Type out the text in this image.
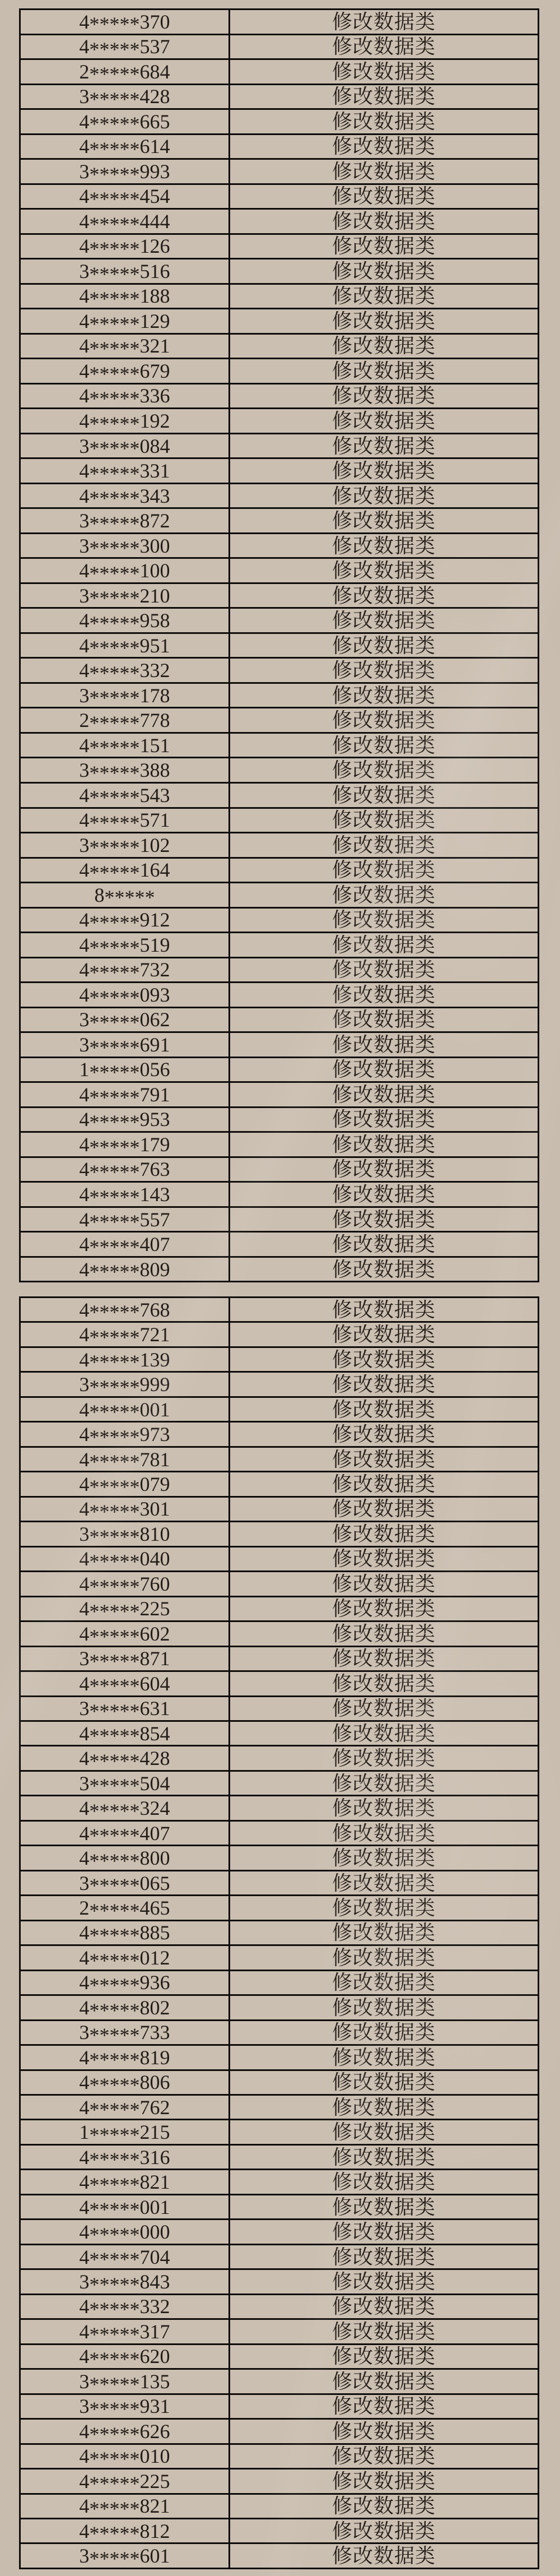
4 ***** 370	修改数据类
4 ***** 537	修改数据类
2 ***** 684	修改数据类
3 ***** 428	修改数据类
4 ***** 665	修改数据类
4 ***** 614	修改数据类
3 ***** 993	修改数据类
4 ***** 454	修改数据类
4 ***** 444	修改数据类
4 ***** 126	修改数据类
3 ***** 516	修改数据类
4 ***** 188	修改数据类
4 ***** 129	修改数据类
4 ***** 321	修改数据类
4 ***** 679	修改数据类
4 ***** 336	修改数据类
4 ***** 192	修改数据类
3 ***** 084	修改数据类
4 ***** 331	修改数据类
4 ***** 343	修改数据类
3 ***** 872	修改数据类
3 ***** 300	修改数据类
4 ***** 100	修改数据类
3 ***** 210	修改数据类
4 ***** 958	修改数据类
4 ***** 951	修改数据类
4 ***** 332	修改数据类
3 ***** 178	修改数据类
2 ***** 778	修改数据类
4 ***** 151	修改数据类
3 ***** 388	修改数据类
4 ***** 543	修改数据类
4 ***** 571	修改数据类
3 ***** 102	修改数据类
4 ***** 164	修改数据类
8 *****	修改数据类
4 ***** 912	修改数据类
4 ***** 519	修改数据类
4 ***** 732	修改数据类
4 ***** 093	修改数据类
3 ***** 062	修改数据类
3 ***** 691	修改数据类
1 ***** 056	修改数据类
4 ***** 791	修改数据类
4 ***** 953	修改数据类
4 ***** 179	修改数据类
4 ***** 763	修改数据类
4 ***** 143	修改数据类
4 ***** 557	修改数据类
4 ***** 407	修改数据类
4 ***** 809	修改数据类
4 ***** 768	修改数据类
4 ***** 721	修改数据类
4 ***** 139	修改数据类
3 ***** 999	修改数据类
4 ***** 001	修改数据类
4 ***** 973	修改数据类
4 ***** 781	修改数据类
4 ***** 079	修改数据类
4 ***** 301	修改数据类
3 ***** 810	修改数据类
4 ***** 040	修改数据类
4 ***** 760	修改数据类
4 ***** 225	修改数据类
4 ***** 602	修改数据类
3 ***** 871	修改数据类
4 ***** 604	修改数据类
3 ***** 631	修改数据类
4 ***** 854	修改数据类
4 ***** 428	修改数据类
3 ***** 504	修改数据类
4 ***** 324	修改数据类
4 ***** 407	修改数据类
4 ***** 800	修改数据类
3 ***** 065	修改数据类
2 ***** 465	修改数据类
4 ***** 885	修改数据类
4 ***** 012	修改数据类
4 ***** 936	修改数据类
4 ***** 802	修改数据类
3 ***** 733	修改数据类
4 ***** 819	修改数据类
4 ***** 806	修改数据类
4 ***** 762	修改数据类
1 ***** 215	修改数据类
4 ***** 316	修改数据类
4 ***** 821	修改数据类
4 ***** 001	修改数据类
4 ***** 000	修改数据类
4 ***** 704	修改数据类
3 ***** 843	修改数据类
4 ***** 332	修改数据类
4 ***** 317	修改数据类
4 ***** 620	修改数据类
3 ***** 135	修改数据类
3 ***** 931	修改数据类
4 ***** 626	修改数据类
4 ***** 010	修改数据类
4 ***** 225	修改数据类
4 ***** 821	修改数据类
4 ***** 812	修改数据类
3 ***** 601	修改数据类
